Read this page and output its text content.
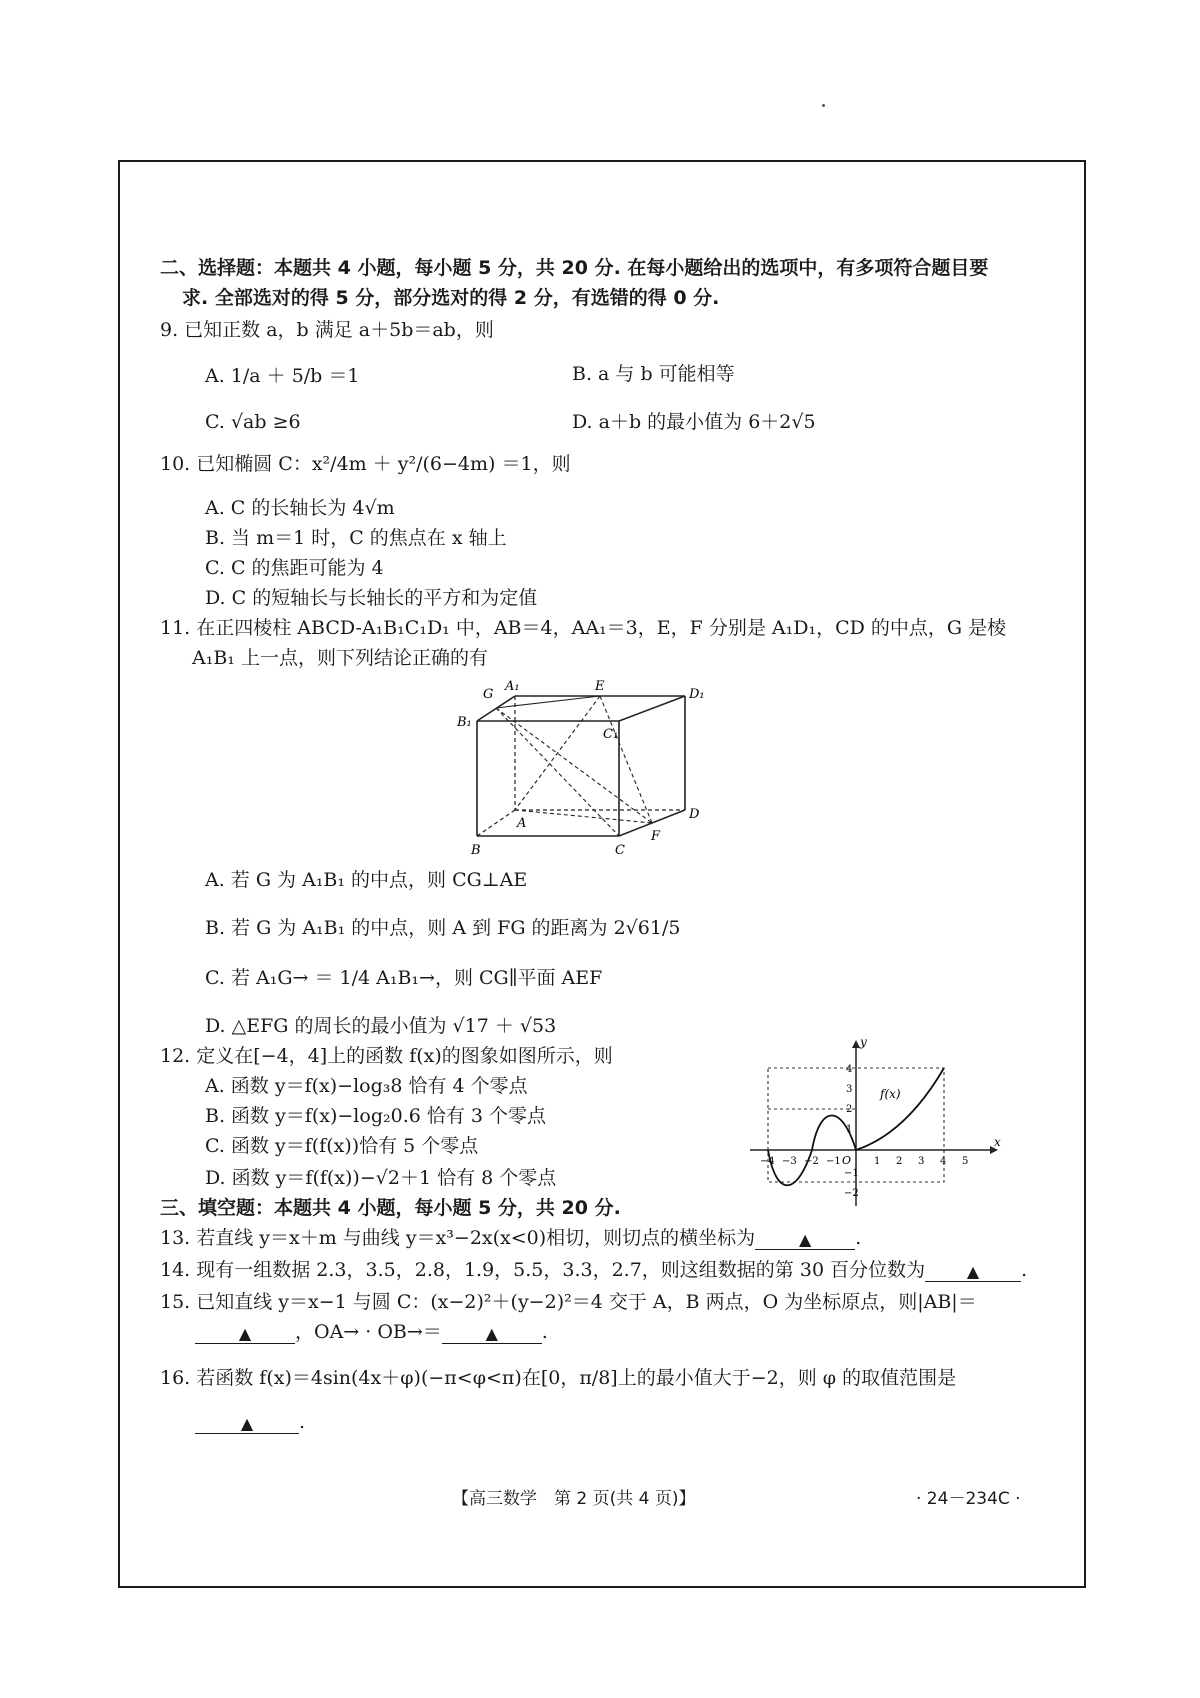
二、选择题：本题共 4 小题，每小题 5 分，共 20 分. 在每小题给出的选项中，有多项符合题目要
求. 全部选对的得 5 分，部分选对的得 2 分，有选错的得 0 分.
9. 已知正数 a，b 满足 a＋5b＝ab，则
A. 1/a ＋ 5/b ＝1	B. a 与 b 可能相等
C. √ab ≥6	D. a＋b 的最小值为 6＋2√5
10. 已知椭圆 C：x²/4m ＋ y²/(6−4m) ＝1，则
A. C 的长轴长为 4√m
B. 当 m＝1 时，C 的焦点在 x 轴上
C. C 的焦距可能为 4
D. C 的短轴长与长轴长的平方和为定值
11. 在正四棱柱 ABCD-A₁B₁C₁D₁ 中，AB＝4，AA₁＝3，E，F 分别是 A₁D₁，CD 的中点，G 是棱
A₁B₁ 上一点，则下列结论正确的有
G
A₁	E
D₁
B₁
C₁
A
D
B	C
F
A. 若 G 为 A₁B₁ 的中点，则 CG⊥AE
B. 若 G 为 A₁B₁ 的中点，则 A 到 FG 的距离为 2√61/5
C. 若 A₁G→ ＝ 1/4 A₁B₁→，则 CG∥平面 AEF
D. △EFG 的周长的最小值为 √17 ＋ √53
12. 定义在[−4，4]上的函数 f(x)的图象如图所示，则
A. 函数 y＝f(x)−log₃8 恰有 4 个零点
B. 函数 y＝f(x)−log₂0.6 恰有 3 个零点
C. 函数 y＝f(f(x))恰有 5 个零点
D. 函数 y＝f(f(x))−√2＋1 恰有 8 个零点
y
x
f(x)
O
−4 −3 −2 −1	1 2 3 4 5
4
3
2
1
−1
−2
三、填空题：本题共 4 小题，每小题 5 分，共 20 分.
13. 若直线 y＝x＋m 与曲线 y＝x³−2x(x<0)相切，则切点的横坐标为	▲ .
14. 现有一组数据 2.3，3.5，2.8，1.9，5.5，3.3，2.7，则这组数据的第 30 百分位数为	▲ .
15. 已知直线 y＝x−1 与圆 C：(x−2)²＋(y−2)²＝4 交于 A，B 两点，O 为坐标原点，则|AB|＝
▲ ，OA→ · OB→＝	▲ .
16. 若函数 f(x)＝4sin(4x＋φ)(−π<φ<π)在[0，π/8]上的最小值大于−2，则 φ 的取值范围是
▲ .
【高三数学　第 2 页(共 4 页)】	· 24－234C ·
